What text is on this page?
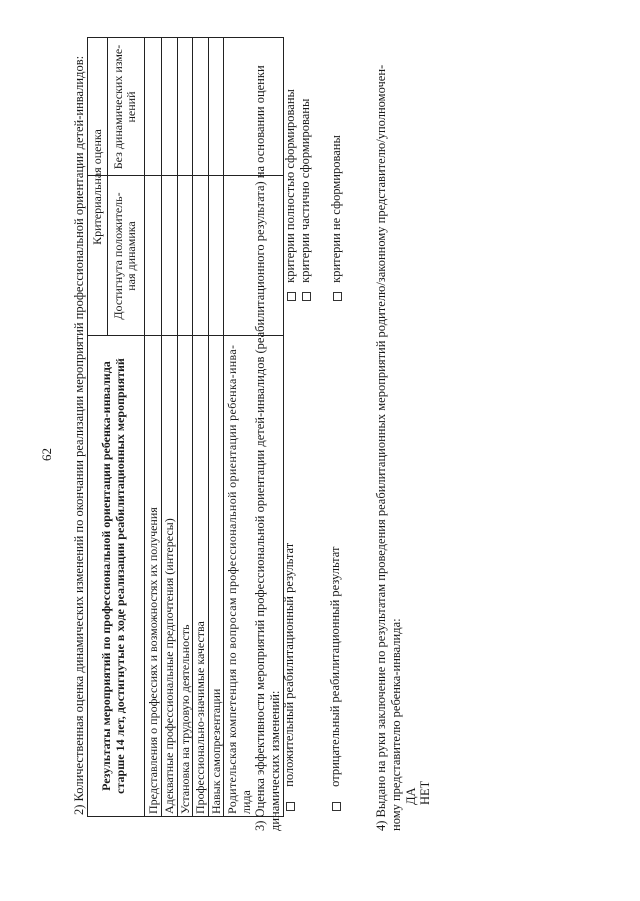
62 2) Количественная оценка динамических изменений по окончании реализации мероприятий профессиональной ориентации детей-инвалидов: Результаты мероприятий по профессиональной ориентации ребенка-инвалида старше 14 лет, достигнутые в ходе реализации реабилитационных мероприятий
Критериальная оценка
Достигнута положитель- ная динамика
Без динамических изме- нений
Представления о профессиях и возможностях их получения Адекватные профессиональные предпочтения (интересы) Установка на трудовую деятельность Профессионально-значимые качества Навык самопрезентации Родительская компетенция по вопросам профессиональной ориентации ребенка-инва- лида 3) Оценка эффективности мероприятий профессиональной ориентации детей-инвалидов (реабилитационного результата) на основании оценки динамических изменений: положительный реабилитационный результат
критерии полностью сформированы критерии частично сформированы
отрицательный реабилитационный результат
критерии не сформированы 4) Выдано на руки заключение по результатам проведения реабилитационных мероприятий родителю/законному представителю/уполномочен- ному представителю ребенка-инвалида: ДА НЕТ
